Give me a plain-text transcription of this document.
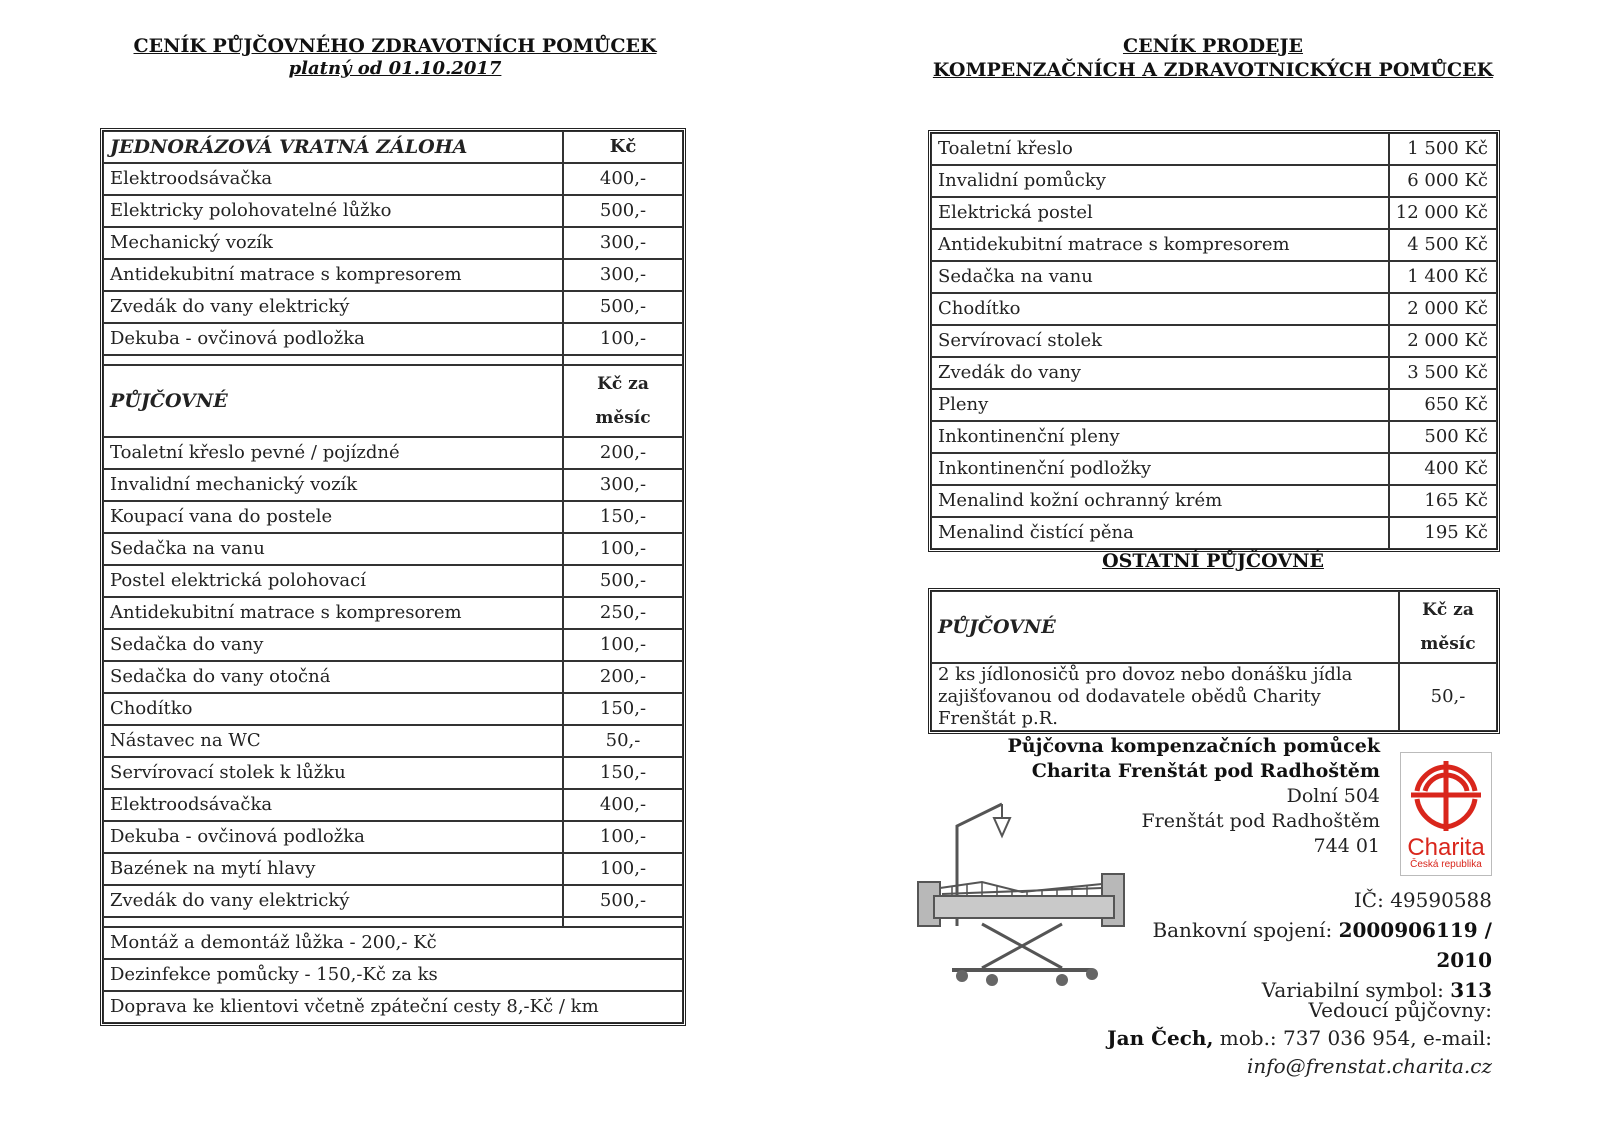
CENÍK PŮJČOVNÉHO ZDRAVOTNÍCH POMŮCEK
platný od 01.10.2017
JEDNORÁZOVÁ VRATNÁ ZÁLOHA	Kč
Elektroodsávačka	400,-
Elektricky polohovatelné lůžko	500,-
Mechanický vozík	300,-
Antidekubitní matrace s kompresorem	300,-
Zvedák do vany elektrický	500,-
Dekuba - ovčinová podložka	100,-

PŮJČOVNÉ	Kč za
měsíc

Toaletní křeslo pevné / pojízdné	200,-
Invalidní mechanický vozík	300,-
Koupací vana do postele	150,-
Sedačka na vanu	100,-
Postel elektrická polohovací	500,-
Antidekubitní matrace s kompresorem	250,-
Sedačka do vany	100,-
Sedačka do vany otočná	200,-
Chodítko	150,-
Nástavec na WC	50,-
Servírovací stolek k lůžku	150,-
Elektroodsávačka	400,-
Dekuba - ovčinová podložka	100,-
Bazének na mytí hlavy	100,-
Zvedák do vany elektrický	500,-

Montáž a demontáž lůžka - 200,- Kč	
Dezinfekce pomůcky - 150,-Kč za ks	
Doprava ke klientovi včetně zpáteční cesty 8,-Kč / km	
CENÍK PRODEJE
KOMPENZAČNÍCH A ZDRAVOTNICKÝCH POMŮCEK
Toaletní křeslo	1 500 Kč
Invalidní pomůcky	6 000 Kč
Elektrická postel	12 000 Kč
Antidekubitní matrace s kompresorem	4 500 Kč
Sedačka na vanu	1 400 Kč
Chodítko	2 000 Kč
Servírovací stolek	2 000 Kč
Zvedák do vany	3 500 Kč
Pleny	650 Kč
Inkontinenční pleny	500 Kč
Inkontinenční podložky	400 Kč
Menalind kožní ochranný krém	165 Kč
Menalind čistící pěna	195 Kč
OSTATNÍ PŮJČOVNÉ
PŮJČOVNÉ	Kč za
měsíc

2 ks jídlonosičů pro dovoz nebo donášku jídla
zajišťovanou od dodavatele obědů Charity Frenštát p.R.	50,-
Půjčovna kompenzačních pomůcek
Charita Frenštát pod Radhoštěm
Dolní 504
Frenštát pod Radhoštěm
744 01 Charita
Česká republika
IČ: 49590588
Bankovní spojení: 2000906119 / 2010
Variabilní symbol: 313
Vedoucí půjčovny:
Jan Čech, mob.: 737 036 954, e-mail: info@frenstat.charita.cz
